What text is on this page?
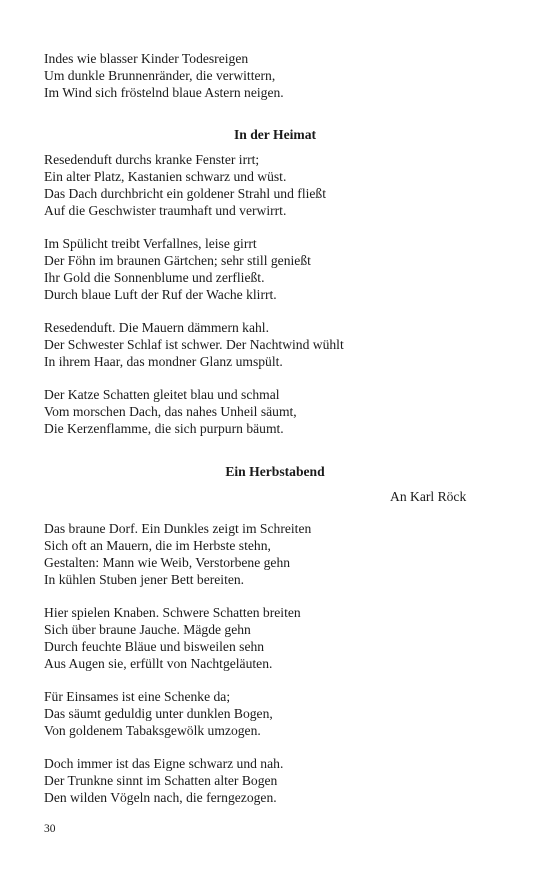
Indes wie blasser Kinder Todesreigen
Um dunkle Brunnenränder, die verwittern,
Im Wind sich fröstelnd blaue Astern neigen.
In der Heimat
Resedenduft durchs kranke Fenster irrt;
Ein alter Platz, Kastanien schwarz und wüst.
Das Dach durchbricht ein goldener Strahl und fließt
Auf die Geschwister traumhaft und verwirrt.
Im Spülicht treibt Verfallnes, leise girrt
Der Föhn im braunen Gärtchen; sehr still genießt
Ihr Gold die Sonnenblume und zerfließt.
Durch blaue Luft der Ruf der Wache klirrt.
Resedenduft. Die Mauern dämmern kahl.
Der Schwester Schlaf ist schwer. Der Nachtwind wühlt
In ihrem Haar, das mondner Glanz umspült.
Der Katze Schatten gleitet blau und schmal
Vom morschen Dach, das nahes Unheil säumt,
Die Kerzenflamme, die sich purpurn bäumt.
Ein Herbstabend
An Karl Röck
Das braune Dorf. Ein Dunkles zeigt im Schreiten
Sich oft an Mauern, die im Herbste stehn,
Gestalten: Mann wie Weib, Verstorbene gehn
In kühlen Stuben jener Bett bereiten.
Hier spielen Knaben. Schwere Schatten breiten
Sich über braune Jauche. Mägde gehn
Durch feuchte Bläue und bisweilen sehn
Aus Augen sie, erfüllt von Nachtgeläuten.
Für Einsames ist eine Schenke da;
Das säumt geduldig unter dunklen Bogen,
Von goldenem Tabaksgewölk umzogen.
Doch immer ist das Eigne schwarz und nah.
Der Trunkne sinnt im Schatten alter Bogen
Den wilden Vögeln nach, die ferngezogen.
30
